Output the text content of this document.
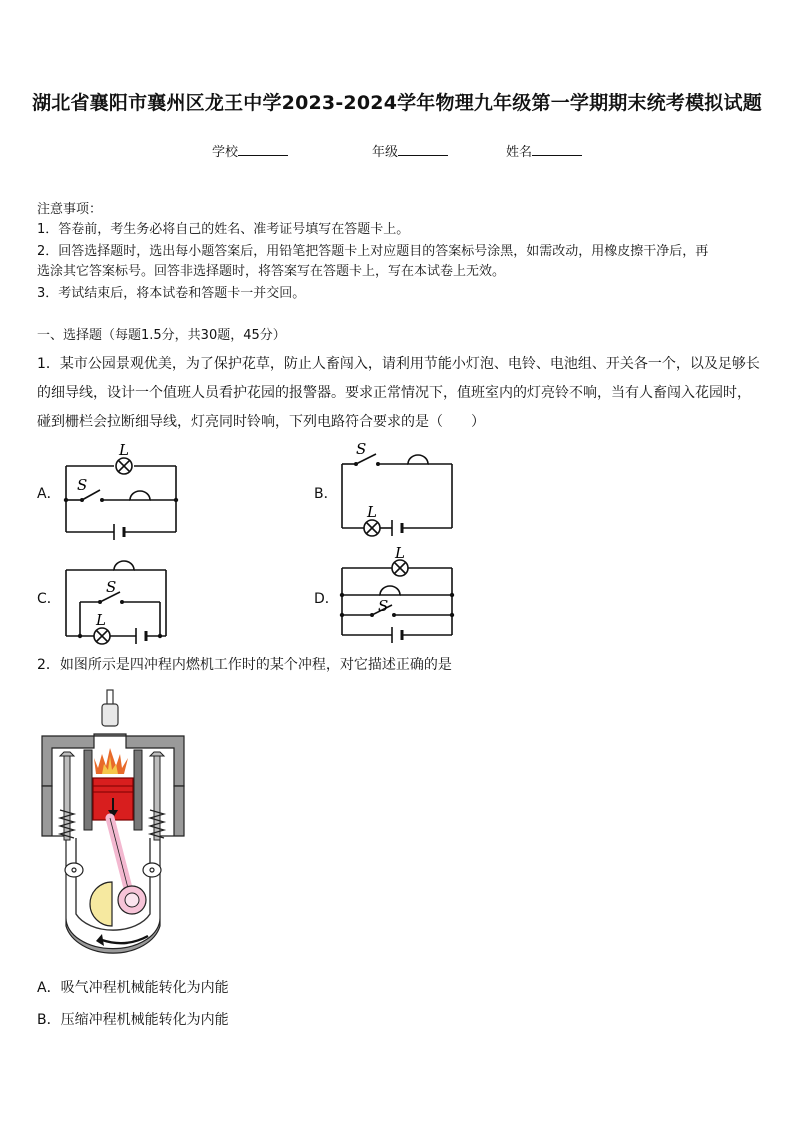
湖北省襄阳市襄州区龙王中学2023-2024学年物理九年级第一学期期末统考模拟试题
学校	年级	姓名
注意事项：
1．答卷前，考生务必将自己的姓名、准考证号填写在答题卡上。
2．回答选择题时，选出每小题答案后，用铅笔把答题卡上对应题目的答案标号涂黑，如需改动，用橡皮擦干净后，再
选涂其它答案标号。回答非选择题时，将答案写在答题卡上，写在本试卷上无效。
3．考试结束后，将本试卷和答题卡一并交回。
一、选择题（每题1.5分，共30题，45分）
1．某市公园景观优美，为了保护花草，防止人畜闯入，请利用节能小灯泡、电铃、电池组、开关各一个，以及足够长
的细导线，设计一个值班人员看护花园的报警器。要求正常情况下，值班室内的灯亮铃不响，当有人畜闯入花园时，
碰到栅栏会拉断细导线，灯亮同时铃响，下列电路符合要求的是（　　）
A．
L
S	B．
S
L
C．
S
L
D．
L
S
2．如图所示是四冲程内燃机工作时的某个冲程，对它描述正确的是
A．吸气冲程机械能转化为内能
B．压缩冲程机械能转化为内能
